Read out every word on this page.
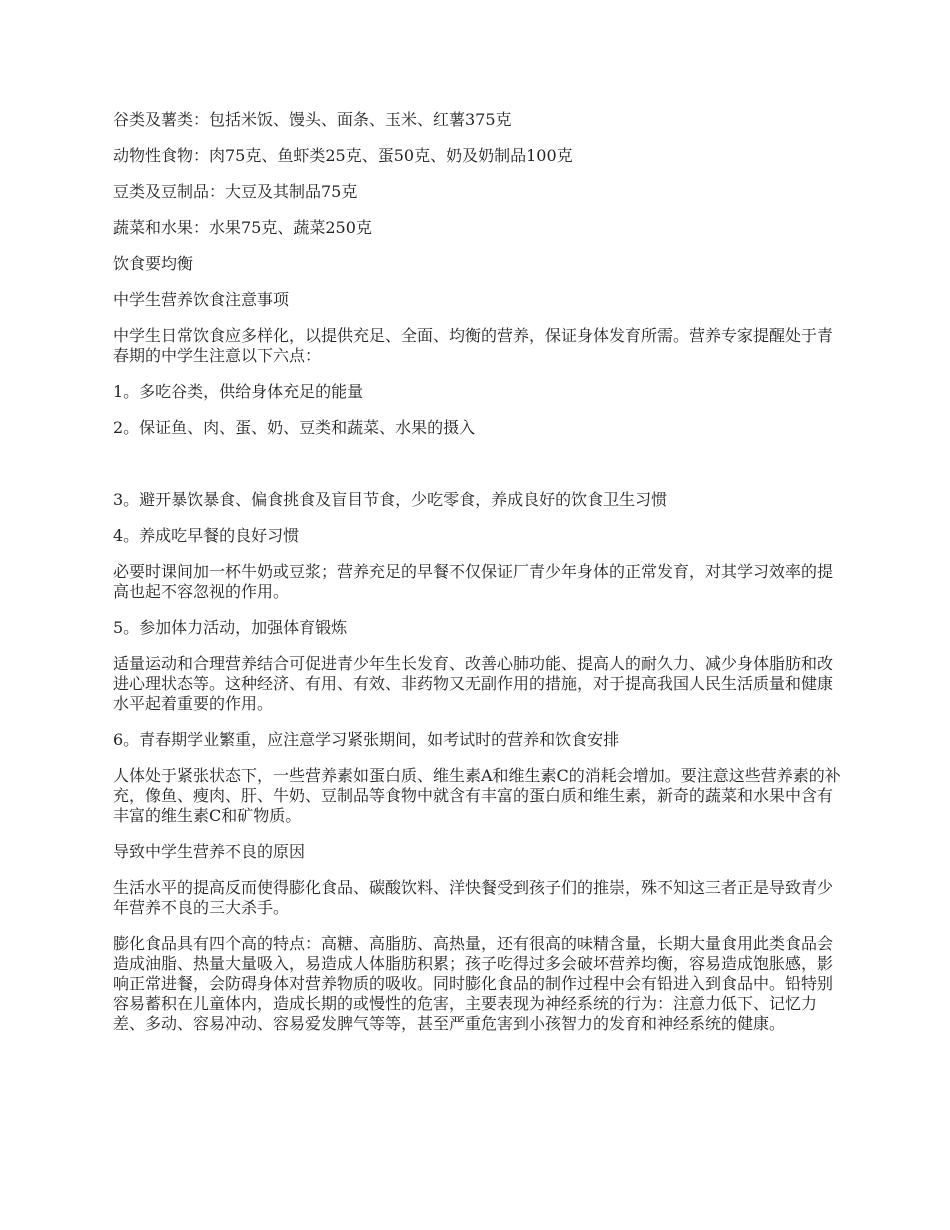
谷类及薯类：包括米饭、馒头、面条、玉米、红薯375克

动物性食物：肉75克、鱼虾类25克、蛋50克、奶及奶制品100克

豆类及豆制品：大豆及其制品75克

蔬菜和水果：水果75克、蔬菜250克

饮食要均衡

中学生营养饮食注意事项

中学生日常饮食应多样化，以提供充足、全面、均衡的营养，保证身体发育所需。营养专家提醒处于青春期的中学生注意以下六点：

1。多吃谷类，供给身体充足的能量

2。保证鱼、肉、蛋、奶、豆类和蔬菜、水果的摄入

3。避开暴饮暴食、偏食挑食及盲目节食，少吃零食，养成良好的饮食卫生习惯

4。养成吃早餐的良好习惯

必要时课间加一杯牛奶或豆浆；营养充足的早餐不仅保证厂青少年身体的正常发育，对其学习效率的提高也起不容忽视的作用。

5。参加体力活动，加强体育锻炼

适量运动和合理营养结合可促进青少年生长发育、改善心肺功能、提高人的耐久力、减少身体脂肪和改进心理状态等。这种经济、有用、有效、非药物又无副作用的措施，对于提高我国人民生活质量和健康水平起着重要的作用。

6。青春期学业繁重，应注意学习紧张期间，如考试时的营养和饮食安排

人体处于紧张状态下，一些营养素如蛋白质、维生素A和维生素C的消耗会增加。要注意这些营养素的补充，像鱼、瘦肉、肝、牛奶、豆制品等食物中就含有丰富的蛋白质和维生素，新奇的蔬菜和水果中含有丰富的维生素C和矿物质。

导致中学生营养不良的原因

生活水平的提高反而使得膨化食品、碳酸饮料、洋快餐受到孩子们的推崇，殊不知这三者正是导致青少年营养不良的三大杀手。

膨化食品具有四个高的特点：高糖、高脂肪、高热量，还有很高的味精含量，长期大量食用此类食品会造成油脂、热量大量吸入，易造成人体脂肪积累；孩子吃得过多会破坏营养均衡，容易造成饱胀感，影响正常进餐，会防碍身体对营养物质的吸收。同时膨化食品的制作过程中会有铅进入到食品中。铅特别容易蓄积在儿童体内，造成长期的或慢性的危害，主要表现为神经系统的行为：注意力低下、记忆力差、多动、容易冲动、容易爱发脾气等等，甚至严重危害到小孩智力的发育和神经系统的健康。
